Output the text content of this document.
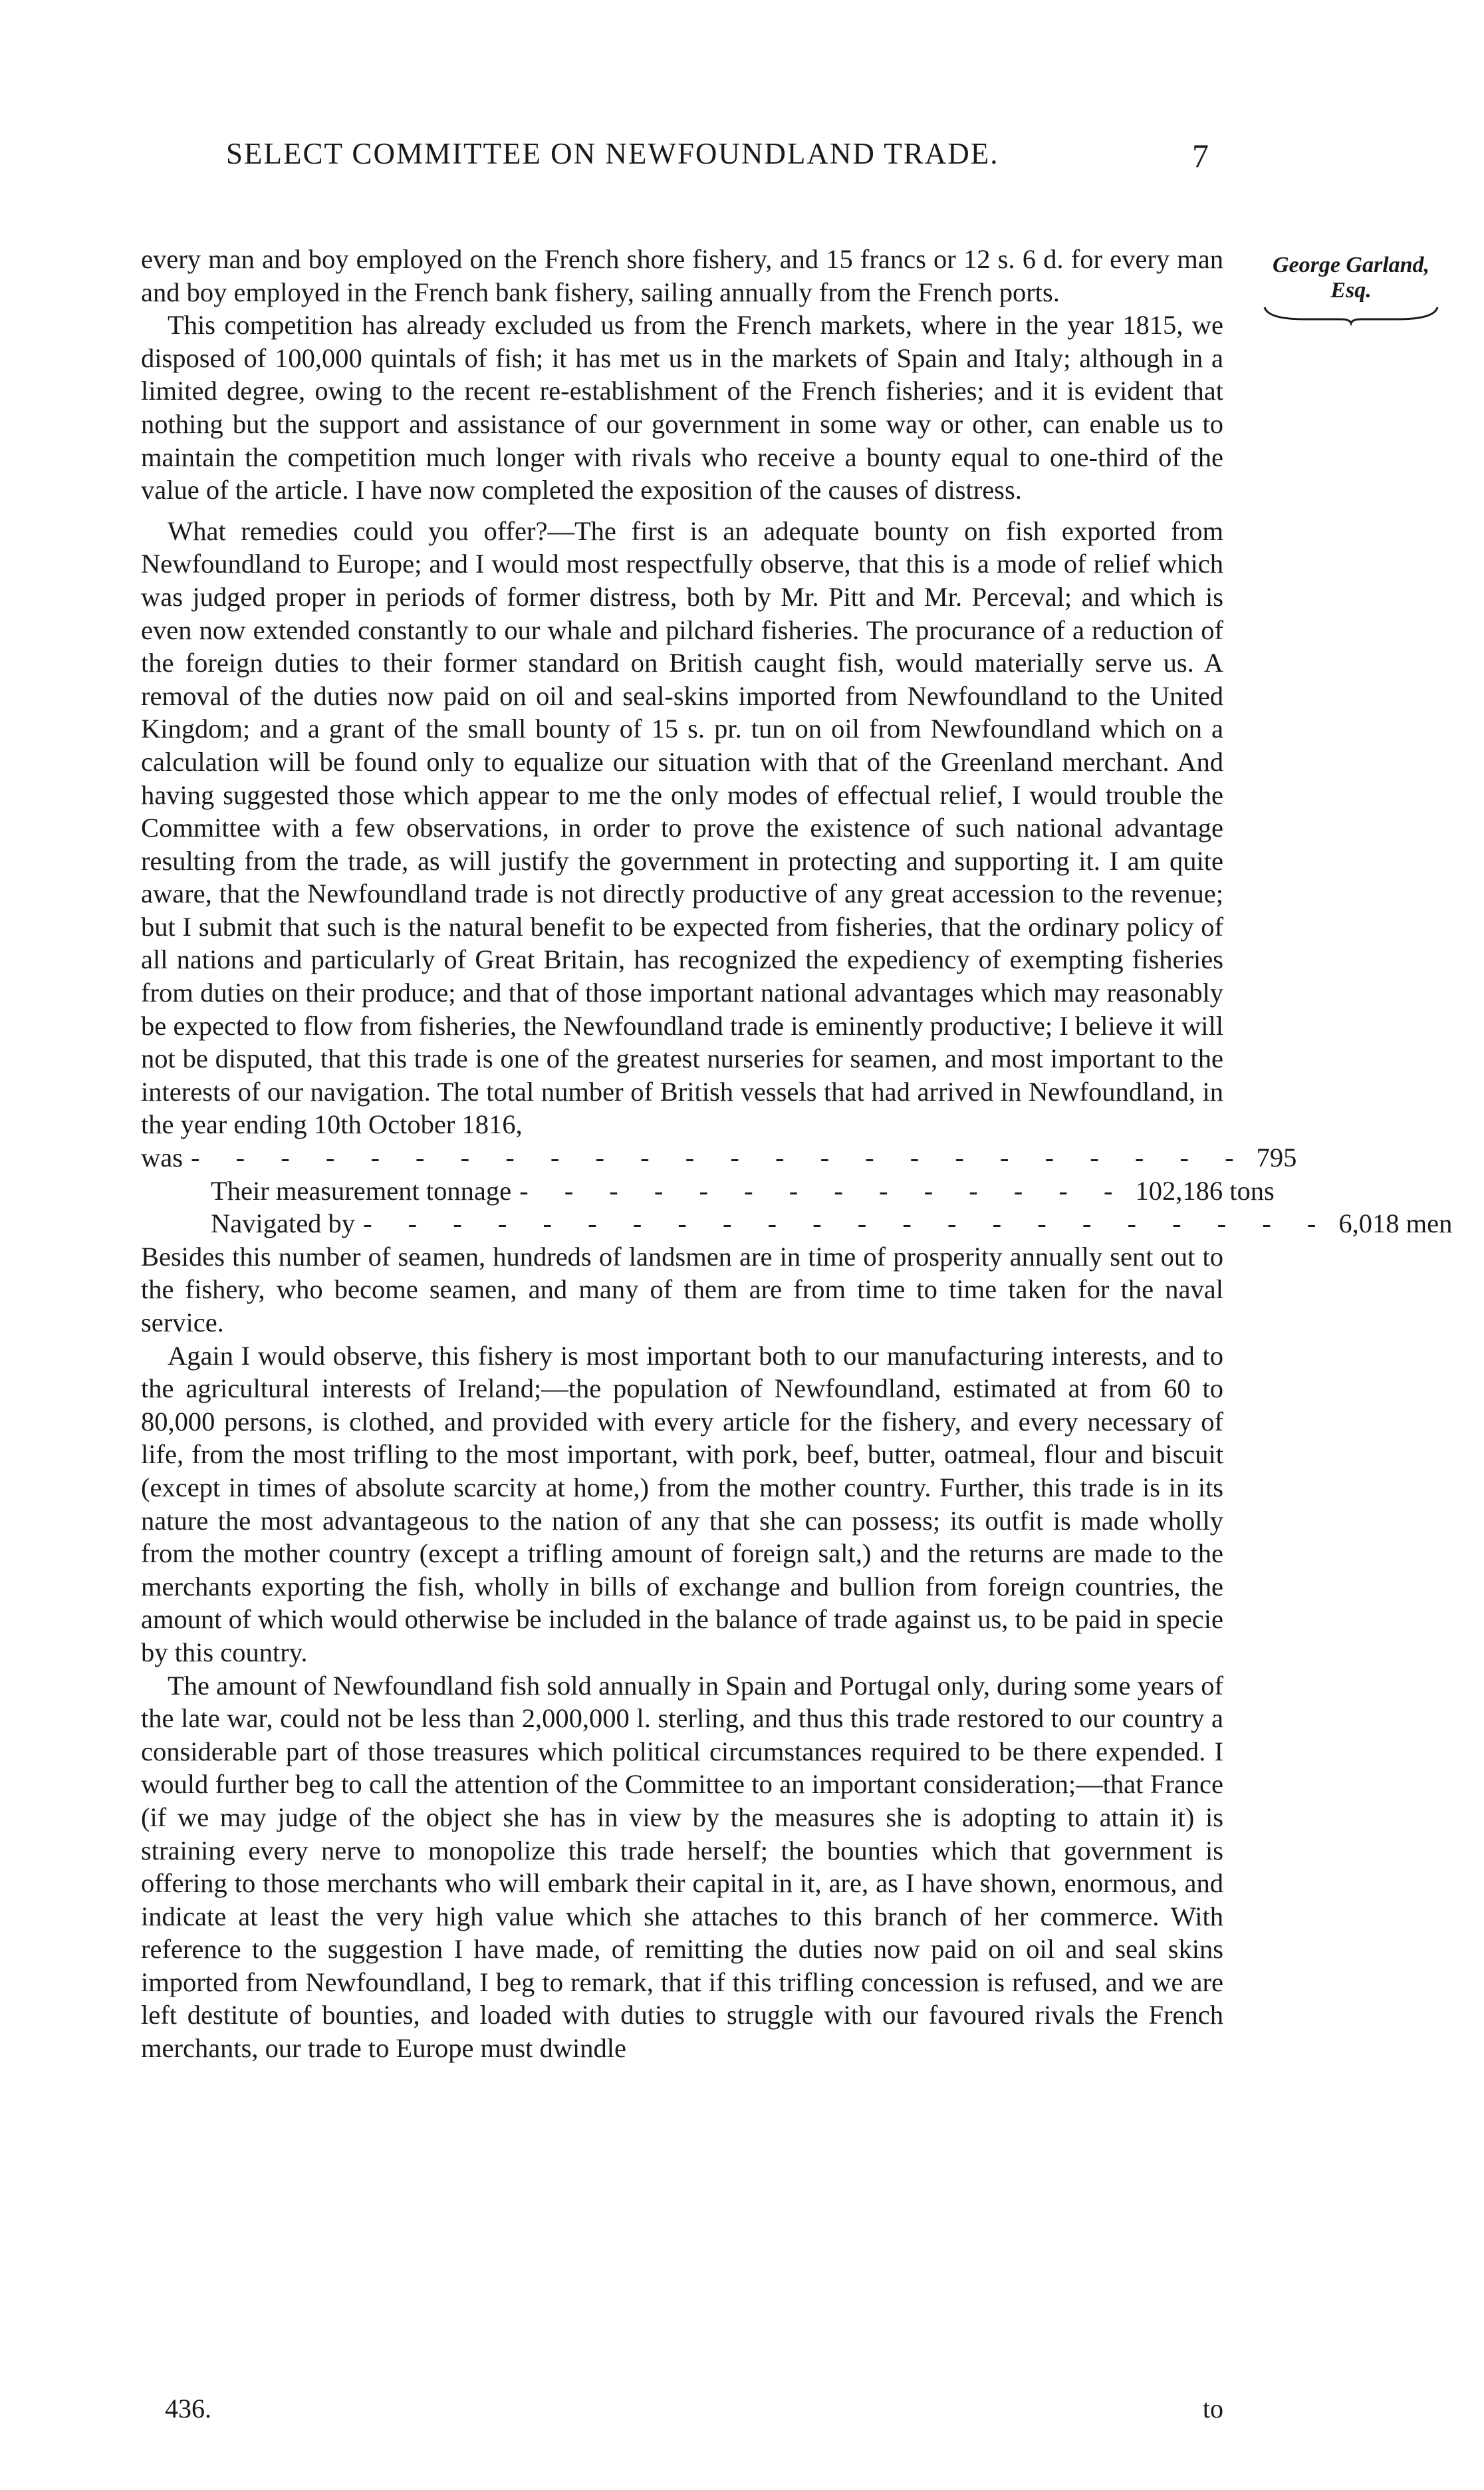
SELECT COMMITTEE ON NEWFOUNDLAND TRADE.	7
George Garland,
Esq.

every man and boy employed on the French shore fishery, and 15 francs or 12 s. 6 d. for every man and boy employed in the French bank fishery, sailing annually from the French ports.

This competition has already excluded us from the French markets, where in the year 1815, we disposed of 100,000 quintals of fish; it has met us in the markets of Spain and Italy; although in a limited degree, owing to the recent re-establishment of the French fisheries; and it is evident that nothing but the support and assistance of our government in some way or other, can enable us to maintain the competition much longer with rivals who receive a bounty equal to one-third of the value of the article. I have now completed the exposition of the causes of distress.

What remedies could you offer?—The first is an adequate bounty on fish exported from Newfoundland to Europe; and I would most respectfully observe, that this is a mode of relief which was judged proper in periods of former distress, both by Mr. Pitt and Mr. Perceval; and which is even now extended constantly to our whale and pilchard fisheries. The procurance of a reduction of the foreign duties to their former standard on British caught fish, would materially serve us. A removal of the duties now paid on oil and seal-skins imported from Newfoundland to the United Kingdom; and a grant of the small bounty of 15 s. pr. tun on oil from Newfoundland which on a calculation will be found only to equalize our situation with that of the Greenland merchant. And having suggested those which appear to me the only modes of effectual relief, I would trouble the Committee with a few observations, in order to prove the existence of such national advantage resulting from the trade, as will justify the government in protecting and supporting it. I am quite aware, that the Newfoundland trade is not directly productive of any great accession to the revenue; but I submit that such is the natural benefit to be expected from fisheries, that the ordinary policy of all nations and particularly of Great Britain, has recognized the expediency of exempting fisheries from duties on their produce; and that of those important national advantages which may reasonably be expected to flow from fisheries, the Newfoundland trade is eminently productive; I believe it will not be disputed, that this trade is one of the greatest nurseries for seamen, and most important to the interests of our navigation. The total number of British vessels that had arrived in Newfoundland, in the year ending 10th October 1816,

was - - - - - - - - - - - - - - - - - - - - - - - - 795
Their measurement tonnage - - - - - - - - - - - - - - 102,186 tons
Navigated by - - - - - - - - - - - - - - - - - - - - - - 6,018 men

Besides this number of seamen, hundreds of landsmen are in time of prosperity annually sent out to the fishery, who become seamen, and many of them are from time to time taken for the naval service.

Again I would observe, this fishery is most important both to our manufacturing interests, and to the agricultural interests of Ireland;—the population of Newfoundland, estimated at from 60 to 80,000 persons, is clothed, and provided with every article for the fishery, and every necessary of life, from the most trifling to the most important, with pork, beef, butter, oatmeal, flour and biscuit (except in times of absolute scarcity at home,) from the mother country. Further, this trade is in its nature the most advantageous to the nation of any that she can possess; its outfit is made wholly from the mother country (except a trifling amount of foreign salt,) and the returns are made to the merchants exporting the fish, wholly in bills of exchange and bullion from foreign countries, the amount of which would otherwise be included in the balance of trade against us, to be paid in specie by this country.

The amount of Newfoundland fish sold annually in Spain and Portugal only, during some years of the late war, could not be less than 2,000,000 l. sterling, and thus this trade restored to our country a considerable part of those treasures which political circumstances required to be there expended. I would further beg to call the attention of the Committee to an important consideration;—that France (if we may judge of the object she has in view by the measures she is adopting to attain it) is straining every nerve to monopolize this trade herself; the bounties which that government is offering to those merchants who will embark their capital in it, are, as I have shown, enormous, and indicate at least the very high value which she attaches to this branch of her commerce. With reference to the suggestion I have made, of remitting the duties now paid on oil and seal skins imported from Newfoundland, I beg to remark, that if this trifling concession is refused, and we are left destitute of bounties, and loaded with duties to struggle with our favoured rivals the French merchants, our trade to Europe must dwindle

436.	to
